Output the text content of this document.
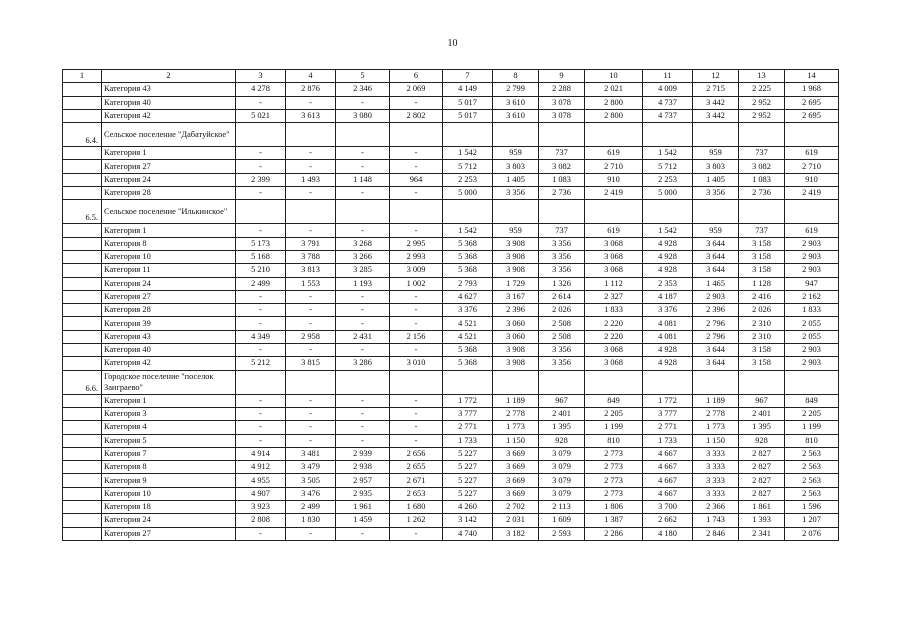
10
1	2	3	4	5	6	7	8	9	10	11	12	13	14
	Категория 43	4 278	2 876	2 346	2 069	4 149	2 799	2 288	2 021	4 009	2 715	2 225	1 968
	Категория 40	-	-	-	-	5 017	3 610	3 078	2 800	4 737	3 442	2 952	2 695
	Категория 42	5 021	3 613	3 080	2 802	5 017	3 610	3 078	2 800	4 737	3 442	2 952	2 695
6.4.	Сельское поселение "Дабатуйское"												
	Категория 1	-	-	-	-	1 542	959	737	619	1 542	959	737	619
	Категория 27	-	-	-	-	5 712	3 803	3 082	2 710	5 712	3 803	3 082	2 710
	Категория 24	2 399	1 493	1 148	964	2 253	1 405	1 083	910	2 253	1 405	1 083	910
	Категория 28	-	-	-	-	5 000	3 356	2 736	2 419	5 000	3 356	2 736	2 419
6.5.	Сельское поселение "Илькинское"												
	Категория 1	-	-	-	-	1 542	959	737	619	1 542	959	737	619
	Категория 8	5 173	3 791	3 268	2 995	5 368	3 908	3 356	3 068	4 928	3 644	3 158	2 903
	Категория 10	5 168	3 788	3 266	2 993	5 368	3 908	3 356	3 068	4 928	3 644	3 158	2 903
	Категория 11	5 210	3 813	3 285	3 009	5 368	3 908	3 356	3 068	4 928	3 644	3 158	2 903
	Категория 24	2 499	1 553	1 193	1 002	2 793	1 729	1 326	1 112	2 353	1 465	1 128	947
	Категория 27	-	-	-	-	4 627	3 167	2 614	2 327	4 187	2 903	2 416	2 162
	Категория 28	-	-	-	-	3 376	2 396	2 026	1 833	3 376	2 396	2 026	1 833
	Категория 39	-	-	-	-	4 521	3 060	2 508	2 220	4 081	2 796	2 310	2 055
	Категория 43	4 349	2 958	2 431	2 156	4 521	3 060	2 508	2 220	4 081	2 796	2 310	2 055
	Категория 40	-	-	-	-	5 368	3 908	3 356	3 068	4 928	3 644	3 158	2 903
	Категория 42	5 212	3 815	3 286	3 010	5 368	3 908	3 356	3 068	4 928	3 644	3 158	2 903
6.6.	Городское поселение "поселок Заиграево"												
	Категория 1	-	-	-	-	1 772	1 189	967	849	1 772	1 189	967	849
	Категория 3	-	-	-	-	3 777	2 778	2 401	2 205	3 777	2 778	2 401	2 205
	Категория 4	-	-	-	-	2 771	1 773	1 395	1 199	2 771	1 773	1 395	1 199
	Категория 5	-	-	-	-	1 733	1 150	928	810	1 733	1 150	928	810
	Категория 7	4 914	3 481	2 939	2 656	5 227	3 669	3 079	2 773	4 667	3 333	2 827	2 563
	Категория 8	4 912	3 479	2 938	2 655	5 227	3 669	3 079	2 773	4 667	3 333	2 827	2 563
	Категория 9	4 955	3 505	2 957	2 671	5 227	3 669	3 079	2 773	4 667	3 333	2 827	2 563
	Категория 10	4 907	3 476	2 935	2 653	5 227	3 669	3 079	2 773	4 667	3 333	2 827	2 563
	Категория 18	3 923	2 499	1 961	1 680	4 260	2 702	2 113	1 806	3 700	2 366	1 861	1 596
	Категория 24	2 808	1 830	1 459	1 262	3 142	2 031	1 609	1 387	2 662	1 743	1 393	1 207
	Категория 27	-	-	-	-	4 740	3 182	2 593	2 286	4 180	2 846	2 341	2 076
